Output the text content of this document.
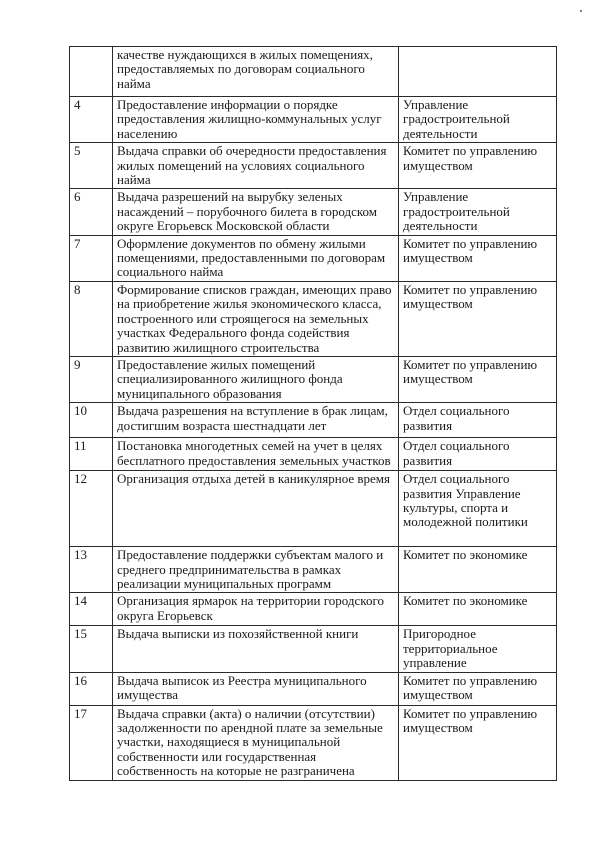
	качестве нуждающихся в жилых помещениях, предоставляемых по договорам социального найма	
4	Предоставление информации о порядке предоставления жилищно-коммунальных услуг населению	Управление градостроительной деятельности
5	Выдача справки об очередности предоставления жилых помещений на условиях социального найма	Комитет по управлению имуществом
6	Выдача разрешений на вырубку зеленых насаждений – порубочного билета в городском округе Егорьевск Московской области	Управление градостроительной деятельности
7	Оформление документов по обмену жилыми помещениями, предоставленными по договорам социального найма	Комитет по управлению имуществом
8	Формирование списков граждан, имеющих право на приобретение жилья экономического класса, построенного или строящегося на земельных участках Федерального фонда содействия развитию жилищного строительства	Комитет по управлению имуществом
9	Предоставление жилых помещений специализированного жилищного фонда муниципального образования	Комитет по управлению имуществом
10	Выдача разрешения на вступление в брак лицам, достигшим возраста шестнадцати лет	Отдел социального развития
11	Постановка многодетных семей на учет в целях бесплатного предоставления земельных участков	Отдел социального развития
12	Организация отдыха детей в каникулярное время	Отдел социального развития Управление культуры, спорта и молодежной политики
13	Предоставление поддержки субъектам малого и среднего предпринимательства в рамках реализации муниципальных программ	Комитет по экономике
14	Организация ярмарок на территории городского округа Егорьевск	Комитет по экономике
15	Выдача выписки из похозяйственной книги	Пригородное территориальное управление
16	Выдача выписок из Реестра муниципального имущества	Комитет по управлению имуществом
17	Выдача справки (акта) о наличии (отсутствии) задолженности по арендной плате за земельные участки, находящиеся в муниципальной собственности или государственная собственность на которые не разграничена	Комитет по управлению имуществом
